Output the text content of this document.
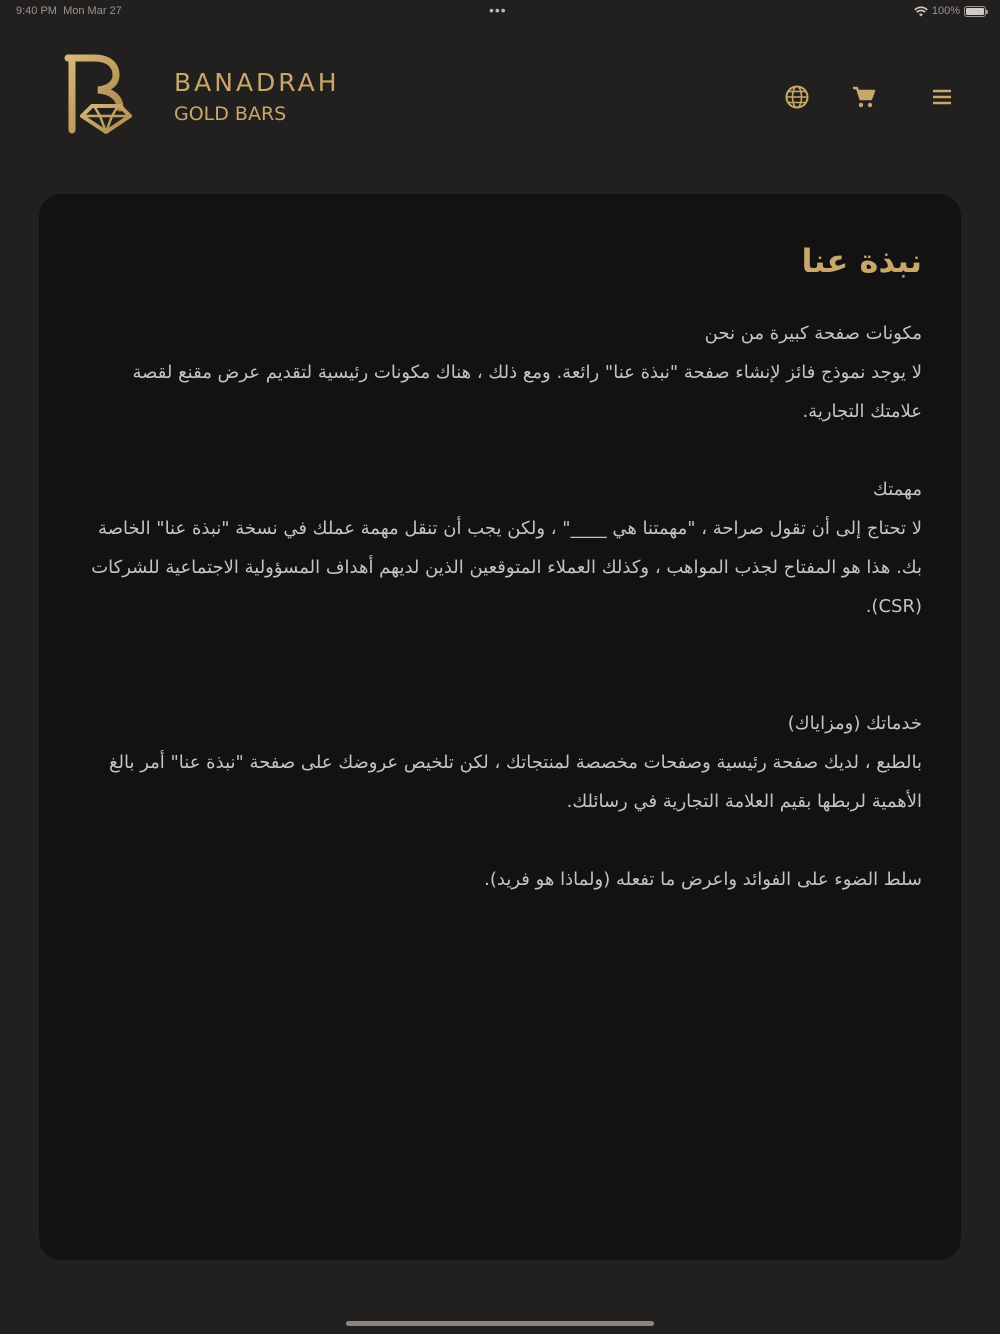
9:40 PM Mon Mar 27	•••	100%
BANADRAH
GOLD BARS
نبذة عنا
مكونات صفحة كبيرة من نحن
لا يوجد نموذج فائز لإنشاء صفحة "نبذة عنا" رائعة. ومع ذلك ، هناك مكونات رئيسية لتقديم عرض مقنع لقصة علامتك التجارية.
مهمتك
لا تحتاج إلى أن تقول صراحة ، "مهمتنا هي ____" ، ولكن يجب أن تنقل مهمة عملك في نسخة "نبذة عنا" الخاصة بك. هذا هو المفتاح لجذب المواهب ، وكذلك العملاء المتوقعين الذين لديهم أهداف المسؤولية الاجتماعية للشركات (CSR).
خدماتك (ومزاياك)
بالطبع ، لديك صفحة رئيسية وصفحات مخصصة لمنتجاتك ، لكن تلخيص عروضك على صفحة "نبذة عنا" أمر بالغ الأهمية لربطها بقيم العلامة التجارية في رسائلك.
سلط الضوء على الفوائد واعرض ما تفعله (ولماذا هو فريد).
